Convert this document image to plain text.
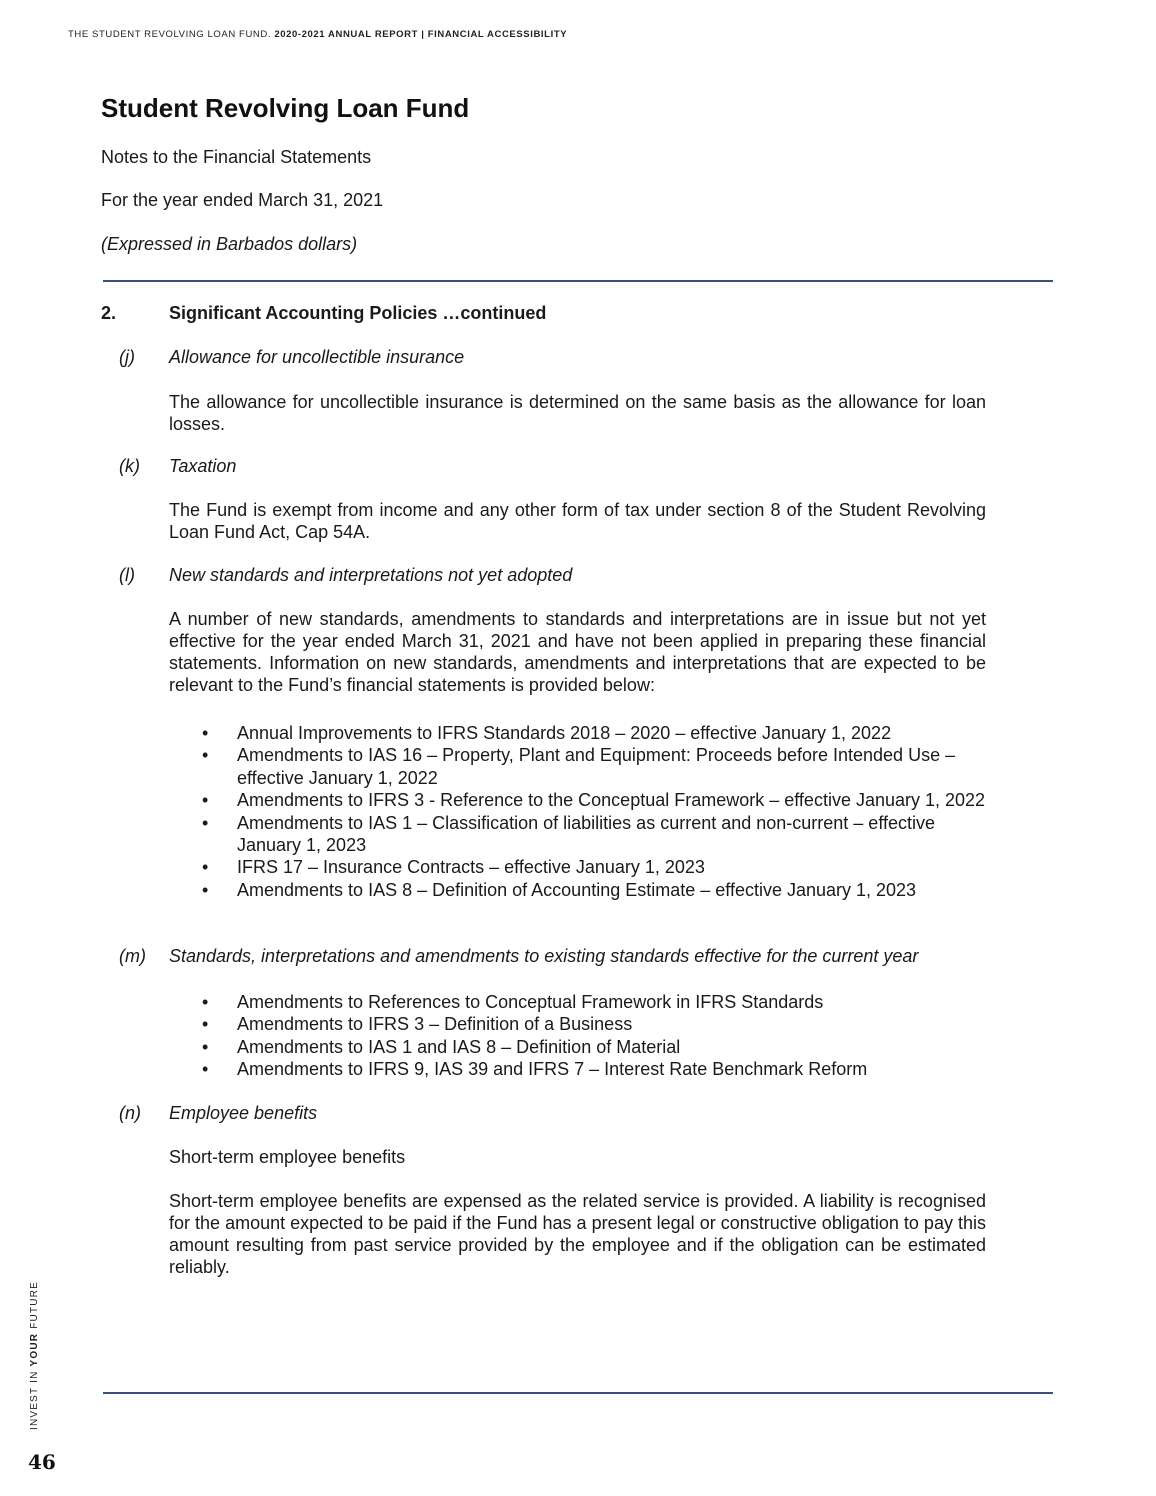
THE STUDENT REVOLVING LOAN FUND. 2020-2021 ANNUAL REPORT | FINANCIAL ACCESSIBILITY
Student Revolving Loan Fund

Notes to the Financial Statements

For the year ended March 31, 2021

(Expressed in Barbados dollars)

2.	Significant Accounting Policies …continued
(j) Allowance for uncollectible insurance

The allowance for uncollectible insurance is determined on the same basis as the allowance for loan losses.

(k) Taxation

The Fund is exempt from income and any other form of tax under section 8 of the Student Revolving Loan Fund Act, Cap 54A.

(l) New standards and interpretations not yet adopted

A number of new standards, amendments to standards and interpretations are in issue but not yet effective for the year ended March 31, 2021 and have not been applied in preparing these financial statements. Information on new standards, amendments and interpretations that are expected to be relevant to the Fund’s financial statements is provided below:

• Annual Improvements to IFRS Standards 2018 – 2020 – effective January 1, 2022
• Amendments to IAS 16 – Property, Plant and Equipment: Proceeds before Intended Use – effective January 1, 2022
• Amendments to IFRS 3 - Reference to the Conceptual Framework – effective January 1, 2022
• Amendments to IAS 1 – Classification of liabilities as current and non-current – effective January 1, 2023
• IFRS 17 – Insurance Contracts – effective January 1, 2023
• Amendments to IAS 8 – Definition of Accounting Estimate – effective January 1, 2023
(m) Standards, interpretations and amendments to existing standards effective for the current year
• Amendments to References to Conceptual Framework in IFRS Standards
• Amendments to IFRS 3 – Definition of a Business
• Amendments to IAS 1 and IAS 8 – Definition of Material
• Amendments to IFRS 9, IAS 39 and IFRS 7 – Interest Rate Benchmark Reform
(n) Employee benefits
Short-term employee benefits

Short-term employee benefits are expensed as the related service is provided. A liability is recognised for the amount expected to be paid if the Fund has a present legal or constructive obligation to pay this amount resulting from past service provided by the employee and if the obligation can be estimated reliably.

INVEST IN YOUR FUTURE
46
